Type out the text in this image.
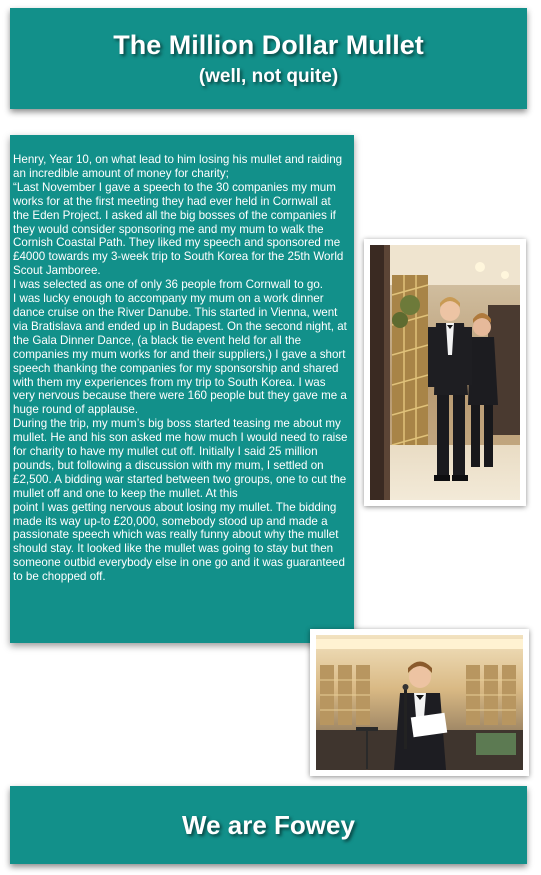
The Million Dollar Mullet
(well, not quite)

Henry, Year 10, on what lead to him losing his mullet and raiding an incredible amount of money for charity;

“Last November I gave a speech to the 30 companies my mum works for at the first meeting they had ever held in Cornwall at the Eden Project. I asked all the big bosses of the companies if they would consider sponsoring me and my mum to walk the Cornish Coastal Path. They liked my speech and sponsored me £4000 towards my 3-week trip to South Korea for the 25th World Scout Jamboree.

I was selected as one of only 36 people from Cornwall to go.

I was lucky enough to accompany my mum on a work dinner dance cruise on the River Danube. This started in Vienna, went via Bratislava and ended up in Budapest. On the second night, at the Gala Dinner Dance, (a black tie event held for all the companies my mum works for and their suppliers,) I gave a short speech thanking the companies for my sponsorship and shared with them my experiences from my trip to South Korea. I was very nervous because there were 160 people but they gave me a huge round of applause.

During the trip, my mum’s big boss started teasing me about my mullet. He and his son asked me how much I would need to raise for charity to have my mullet cut off. Initially I said 25 million pounds, but following a discussion with my mum, I settled on £2,500. A bidding war started between two groups, one to cut the mullet off and one to keep the mullet. At this

point I was getting nervous about losing my mullet. The bidding made its way up-to £20,000, somebody stood up and made a passionate speech which was really funny about why the mullet should stay. It looked like the mullet was going to stay but then someone outbid everybody else in one go and it was guaranteed to be chopped off.

We are Fowey
